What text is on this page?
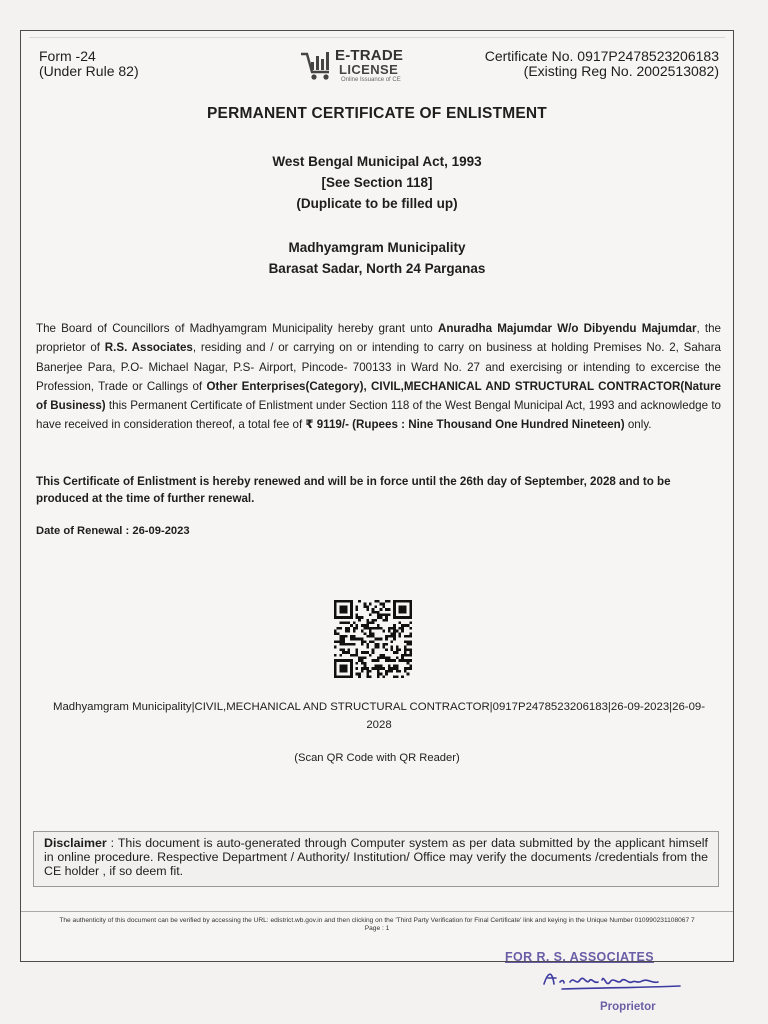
Form -24
(Under Rule 82)
E-TRADE
LICENSE
Online Issuance of CE
Certificate No. 0917P2478523206183
(Existing Reg No. 2002513082)
PERMANENT CERTIFICATE OF ENLISTMENT
West Bengal Municipal Act, 1993
[See Section 118]
(Duplicate to be filled up)
Madhyamgram Municipality
Barasat Sadar, North 24 Parganas
The Board of Councillors of Madhyamgram Municipality hereby grant unto Anuradha Majumdar W/o Dibyendu Majumdar, the proprietor of R.S. Associates, residing and / or carrying on or intending to carry on business at holding Premises No. 2, Sahara Banerjee Para, P.O- Michael Nagar, P.S- Airport, Pincode- 700133 in Ward No. 27 and exercising or intending to excercise the Profession, Trade or Callings of Other Enterprises(Category), CIVIL,MECHANICAL AND STRUCTURAL CONTRACTOR(Nature of Business) this Permanent Certificate of Enlistment under Section 118 of the West Bengal Municipal Act, 1993 and acknowledge to have received in consideration thereof, a total fee of ₹ 9119/- (Rupees : Nine Thousand One Hundred Nineteen) only.
This Certificate of Enlistment is hereby renewed and will be in force until the 26th day of September, 2028 and to be produced at the time of further renewal.
Date of Renewal : 26-09-2023
Madhyamgram Municipality|CIVIL,MECHANICAL AND STRUCTURAL CONTRACTOR|0917P2478523206183|26-09-2023|26-09-2028
(Scan QR Code with QR Reader)
Disclaimer : This document is auto-generated through Computer system as per data submitted by the applicant himself in online procedure. Respective Department / Authority/ Institution/ Office may verify the documents /credentials from the CE holder , if so deem fit.
The authenticity of this document can be verified by accessing the URL: edistrict.wb.gov.in and then clicking on the 'Third Party Verification for Final Certificate' link and keying in the Unique Number 010990231108067 7
Page : 1
FOR R. S. ASSOCIATES
Proprietor
